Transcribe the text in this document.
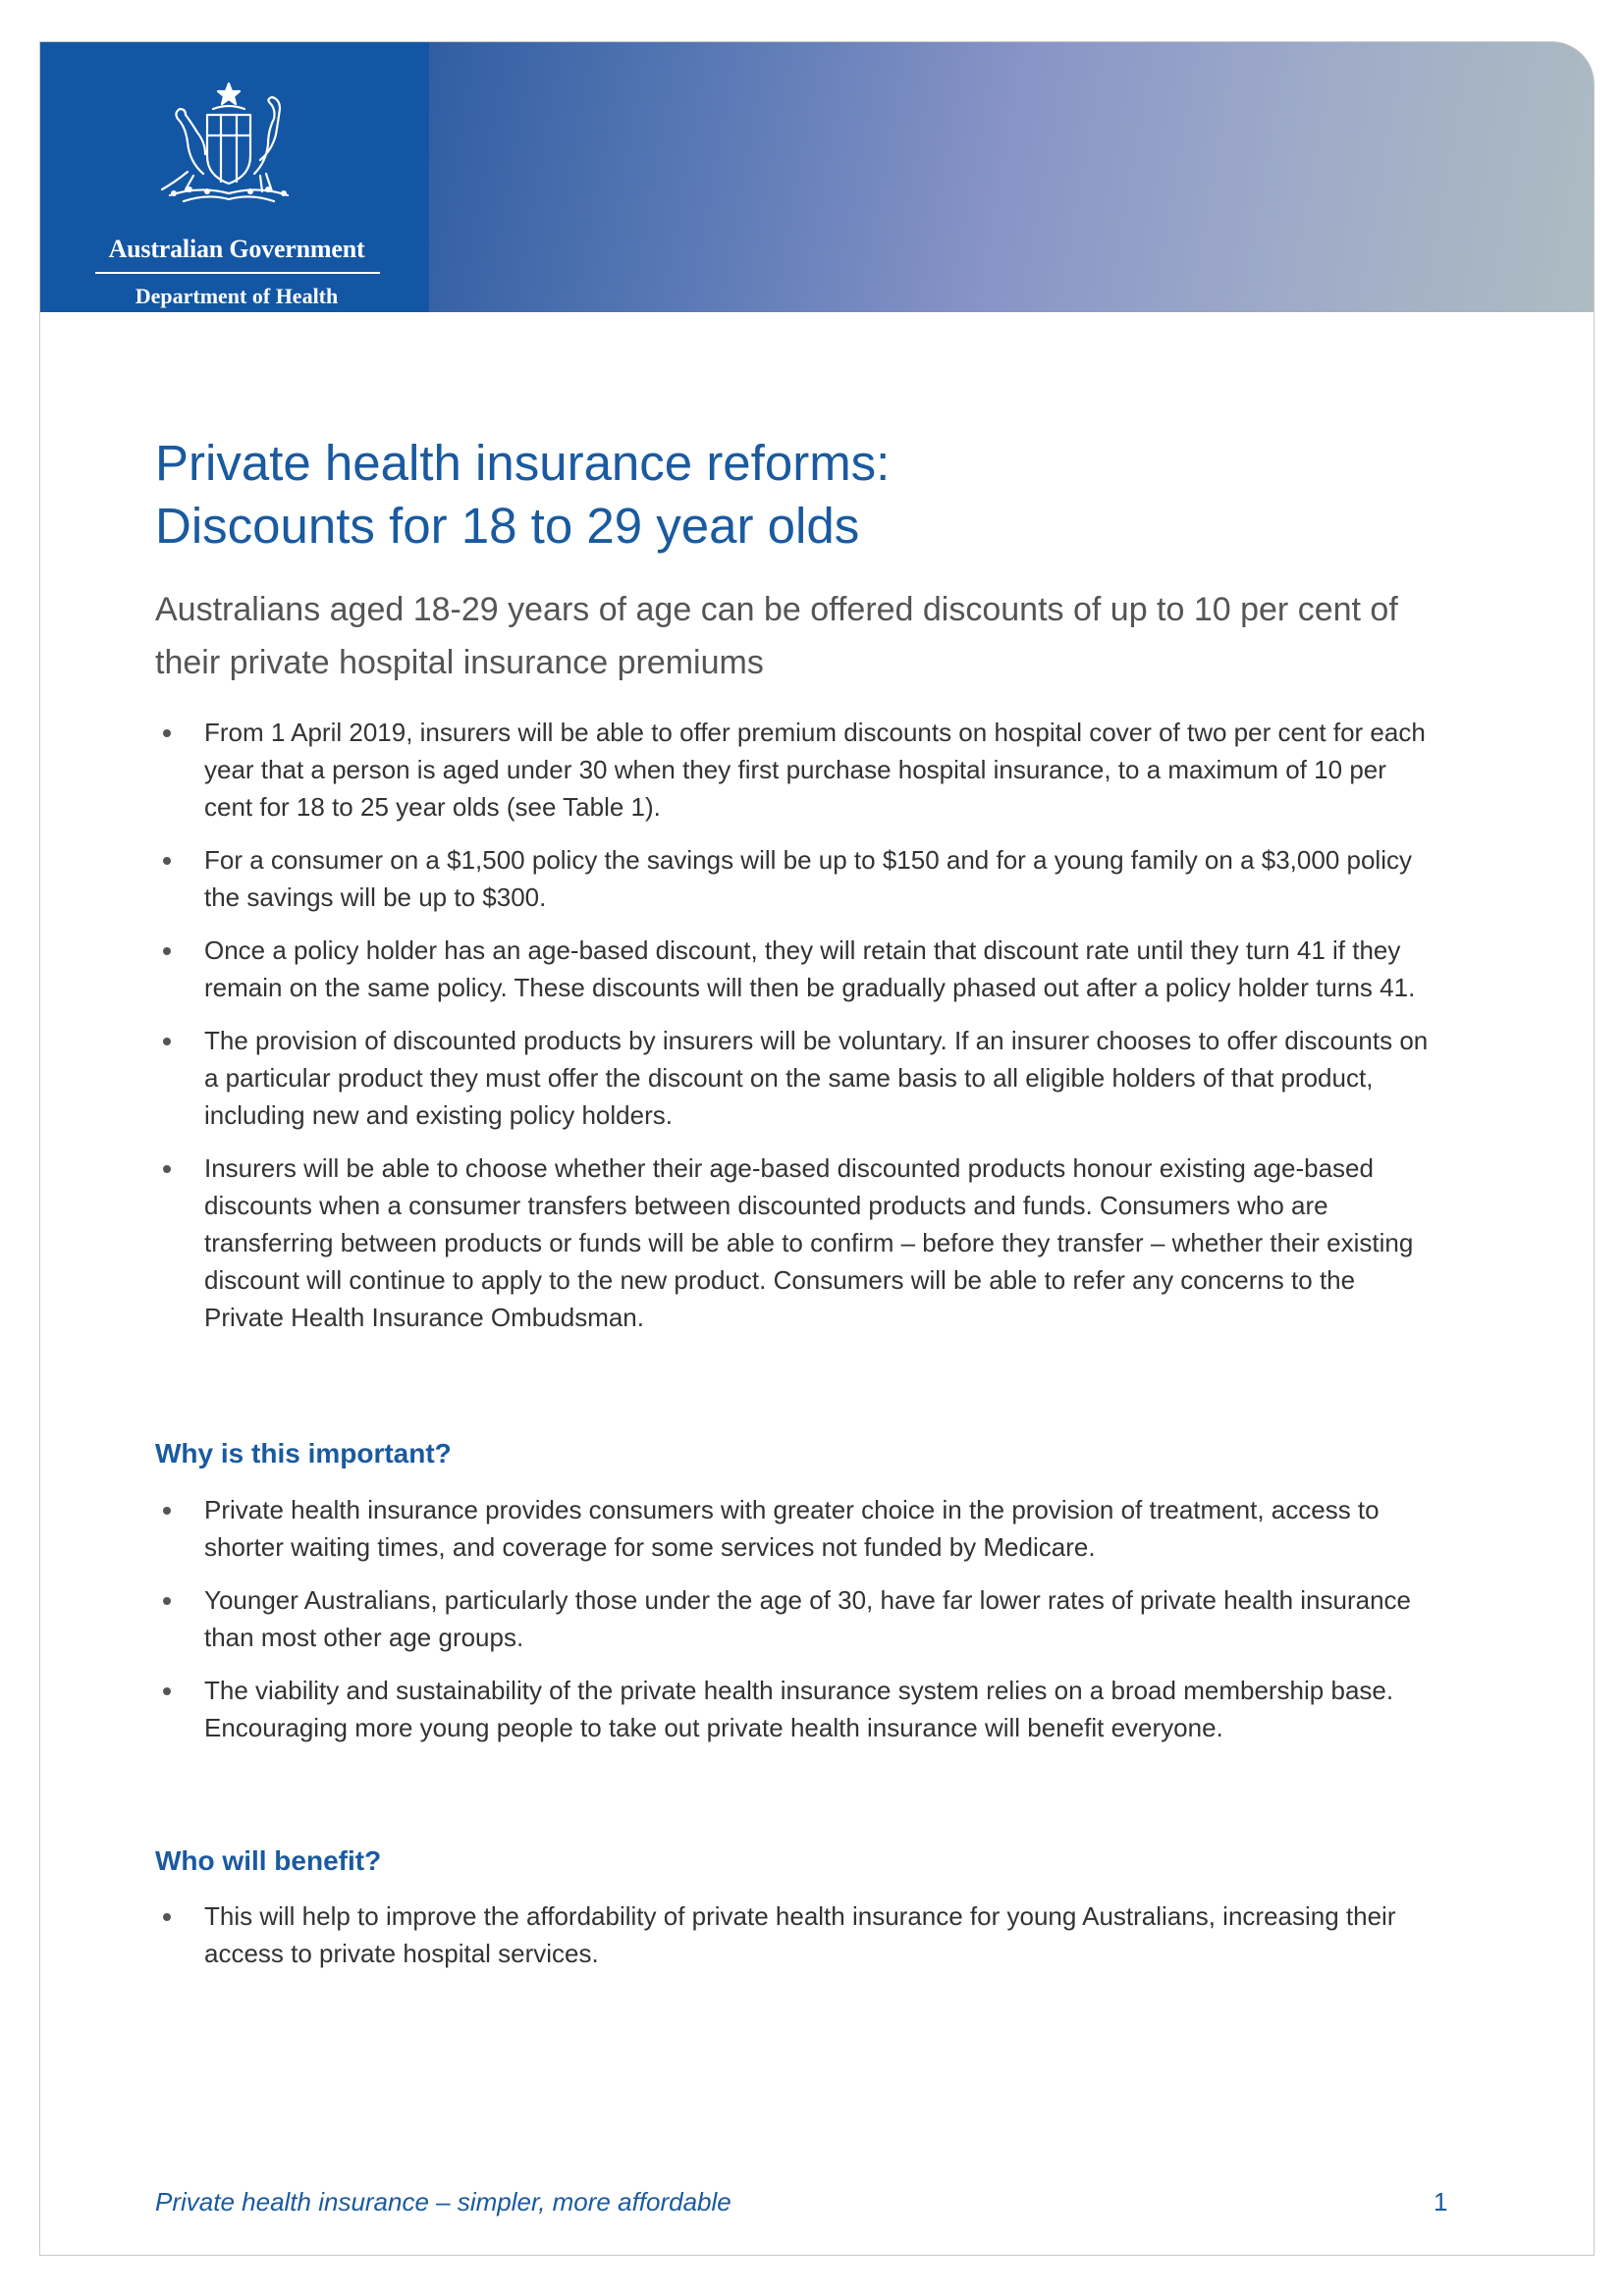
Australian Government
Department of Health
Private health insurance reforms:
Discounts for 18 to 29 year olds

Australians aged 18-29 years of age can be offered discounts of up to 10 per cent of their private hospital insurance premiums

From 1 April 2019, insurers will be able to offer premium discounts on hospital cover of two per cent for each year that a person is aged under 30 when they first purchase hospital insurance, to a maximum of 10 per cent for 18 to 25 year olds (see Table 1).
For a consumer on a $1,500 policy the savings will be up to $150 and for a young family on a $3,000 policy the savings will be up to $300.
Once a policy holder has an age-based discount, they will retain that discount rate until they turn 41 if they remain on the same policy. These discounts will then be gradually phased out after a policy holder turns 41.
The provision of discounted products by insurers will be voluntary. If an insurer chooses to offer discounts on a particular product they must offer the discount on the same basis to all eligible holders of that product, including new and existing policy holders.
Insurers will be able to choose whether their age-based discounted products honour existing age-based discounts when a consumer transfers between discounted products and funds. Consumers who are transferring between products or funds will be able to confirm – before they transfer – whether their existing discount will continue to apply to the new product. Consumers will be able to refer any concerns to the Private Health Insurance Ombudsman.
Why is this important?
Private health insurance provides consumers with greater choice in the provision of treatment, access to shorter waiting times, and coverage for some services not funded by Medicare.
Younger Australians, particularly those under the age of 30, have far lower rates of private health insurance than most other age groups.
The viability and sustainability of the private health insurance system relies on a broad membership base. Encouraging more young people to take out private health insurance will benefit everyone.
Who will benefit?
This will help to improve the affordability of private health insurance for young Australians, increasing their access to private hospital services.
Private health insurance – simpler, more affordable	1
